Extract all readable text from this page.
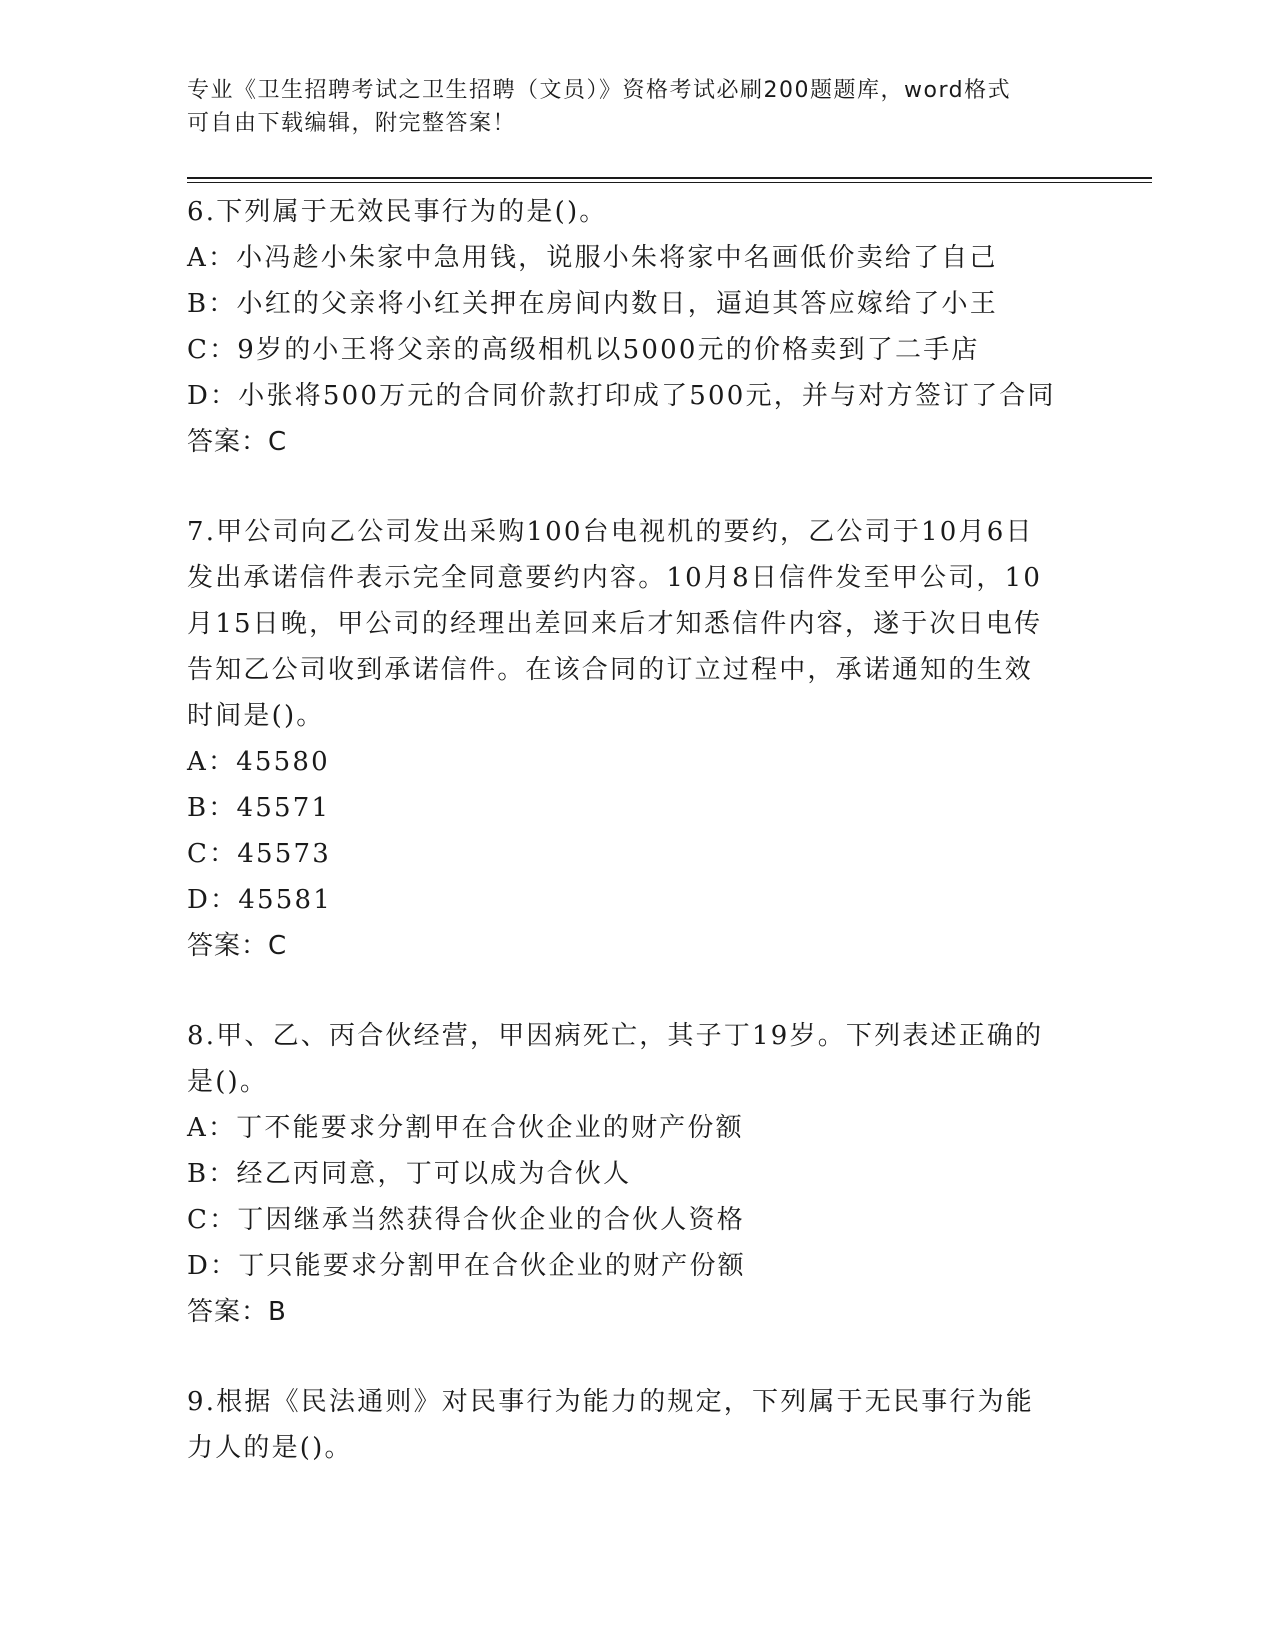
专业《卫生招聘考试之卫生招聘（文员）》资格考试必刷200题题库，word格式
可自由下载编辑，附完整答案！
6.下列属于无效民事行为的是()。
A：小冯趁小朱家中急用钱，说服小朱将家中名画低价卖给了自己
B：小红的父亲将小红关押在房间内数日，逼迫其答应嫁给了小王
C：9岁的小王将父亲的高级相机以5000元的价格卖到了二手店
D：小张将500万元的合同价款打印成了500元，并与对方签订了合同
答案：C
7.甲公司向乙公司发出采购100台电视机的要约，乙公司于10月6日
发出承诺信件表示完全同意要约内容。10月8日信件发至甲公司，10
月15日晚，甲公司的经理出差回来后才知悉信件内容，遂于次日电传
告知乙公司收到承诺信件。在该合同的订立过程中，承诺通知的生效
时间是()。
A：45580
B：45571
C：45573
D：45581
答案：C
8.甲、乙、丙合伙经营，甲因病死亡，其子丁19岁。下列表述正确的
是()。
A：丁不能要求分割甲在合伙企业的财产份额
B：经乙丙同意，丁可以成为合伙人
C：丁因继承当然获得合伙企业的合伙人资格
D：丁只能要求分割甲在合伙企业的财产份额
答案：B
9.根据《民法通则》对民事行为能力的规定，下列属于无民事行为能
力人的是()。
